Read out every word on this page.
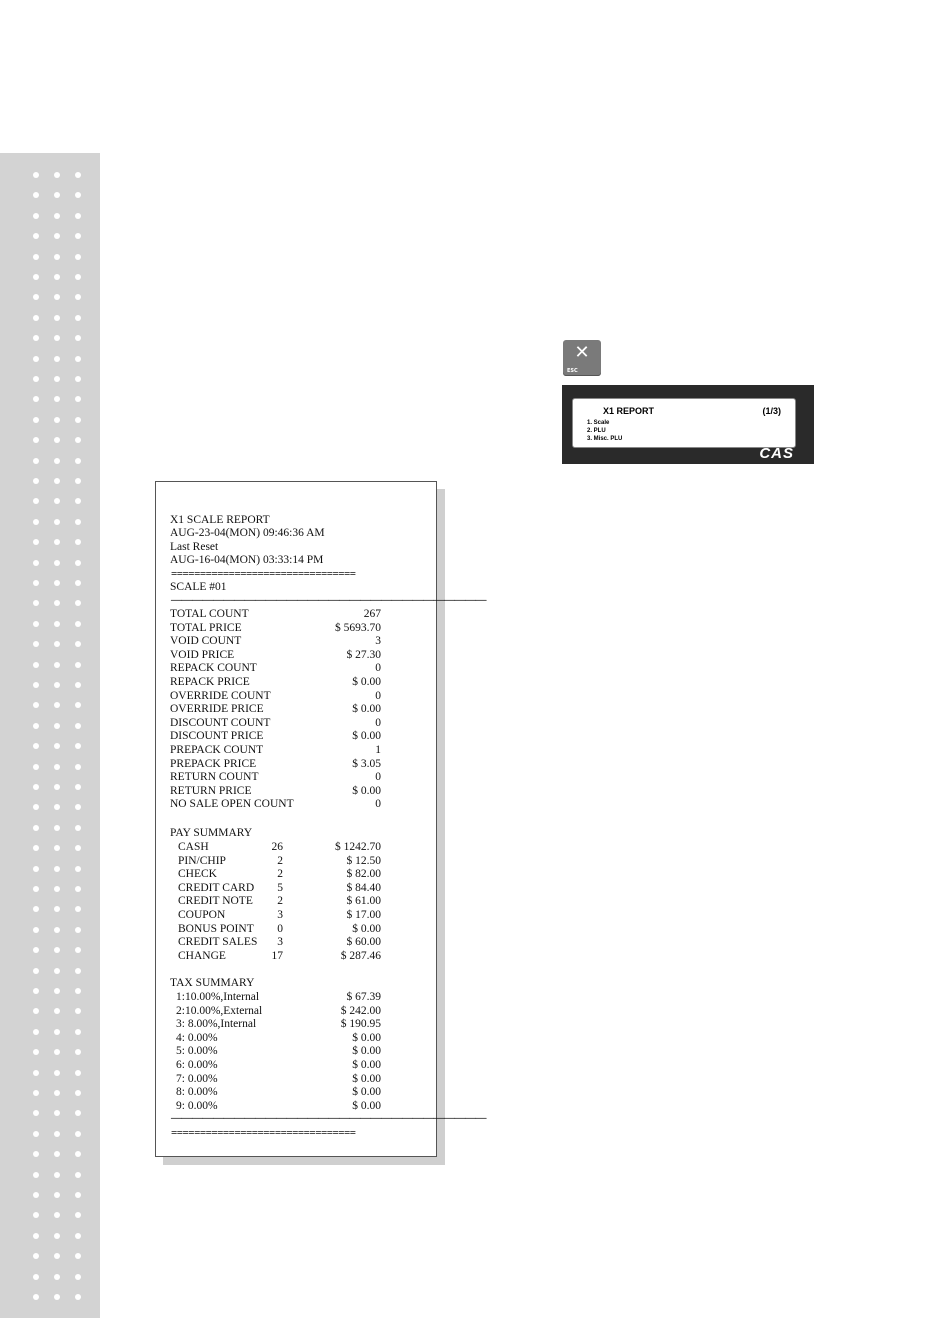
✕
ESC
X1 REPORT	(1/3)
1. Scale
2. PLU
3. Misc. PLU
CAS
X1 SCALE REPORT
AUG-23-04(MON) 09:46:36 AM
Last Reset
AUG-16-04(MON) 03:33:14 PM
================================
SCALE #01
——————————————————————————————
TOTAL COUNT	267
TOTAL PRICE	$ 5693.70
VOID COUNT	3
VOID PRICE	$ 27.30
REPACK COUNT	0
REPACK PRICE	$ 0.00
OVERRIDE COUNT	0
OVERRIDE PRICE	$ 0.00
DISCOUNT COUNT	0
DISCOUNT PRICE	$ 0.00
PREPACK COUNT	1
PREPACK PRICE	$ 3.05
RETURN COUNT	0
RETURN PRICE	$ 0.00
NO SALE OPEN COUNT	0
PAY SUMMARY
CASH	26	$ 1242.70
PIN/CHIP	2	$ 12.50
CHECK	2	$ 82.00
CREDIT CARD 5	$ 84.40
CREDIT NOTE 2	$ 61.00
COUPON	3	$ 17.00
BONUS POINT 0	$ 0.00
CREDIT SALES 3	$ 60.00
CHANGE	17	$ 287.46
TAX SUMMARY
1:10.00%,Internal	$ 67.39
2:10.00%,External	$ 242.00
3: 8.00%,Internal	$ 190.95
4: 0.00%	$ 0.00
5: 0.00%	$ 0.00
6: 0.00%	$ 0.00
7: 0.00%	$ 0.00
8: 0.00%	$ 0.00
9: 0.00%	$ 0.00
——————————————————————————————
================================
